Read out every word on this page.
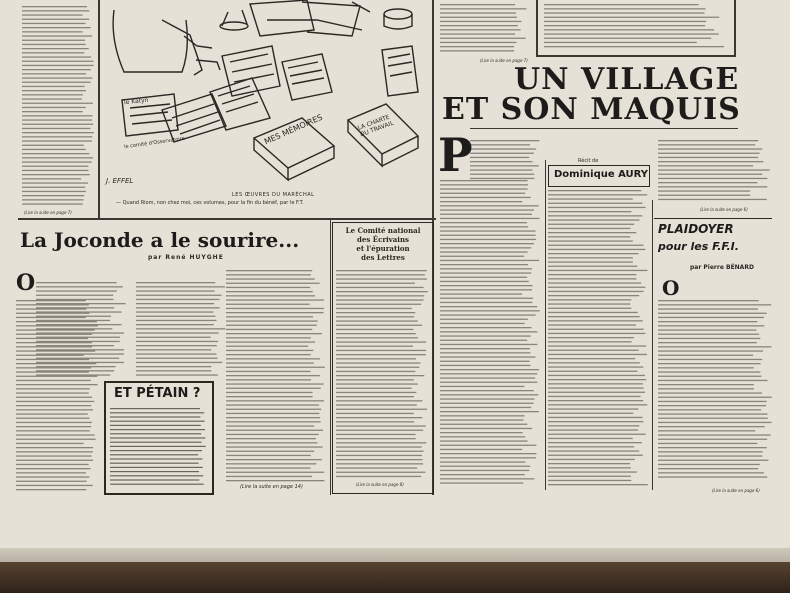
MES MÉMOIRES	LA CHARTE DU TRAVAIL
le Katyn
le comité d'Osservatoire
J. EFFEL
LES ŒUVRES DU MARÉCHAL
— Quand Riom, non chez moi, ces volumes, pour la fin du bénéf, par le F.T.
(Lire la suite en page 7)
La Joconde a le sourire...
par René HUYGHE
O
(Lire la suite en page 14)
ET PÉTAIN ?
Le Comité national
des Écrivains
et l'épuration
des Lettres
(Lire la suite en page 8)
UN VILLAGE
ET SON MAQUIS
P	Récit de
Dominique AURY
(Lire la suite en page 6)
PLAIDOYER
pour les F.F.I.
par Pierre BÉNARD
O
(Lire la suite en page 6)
(Lire la suite en page 7)
